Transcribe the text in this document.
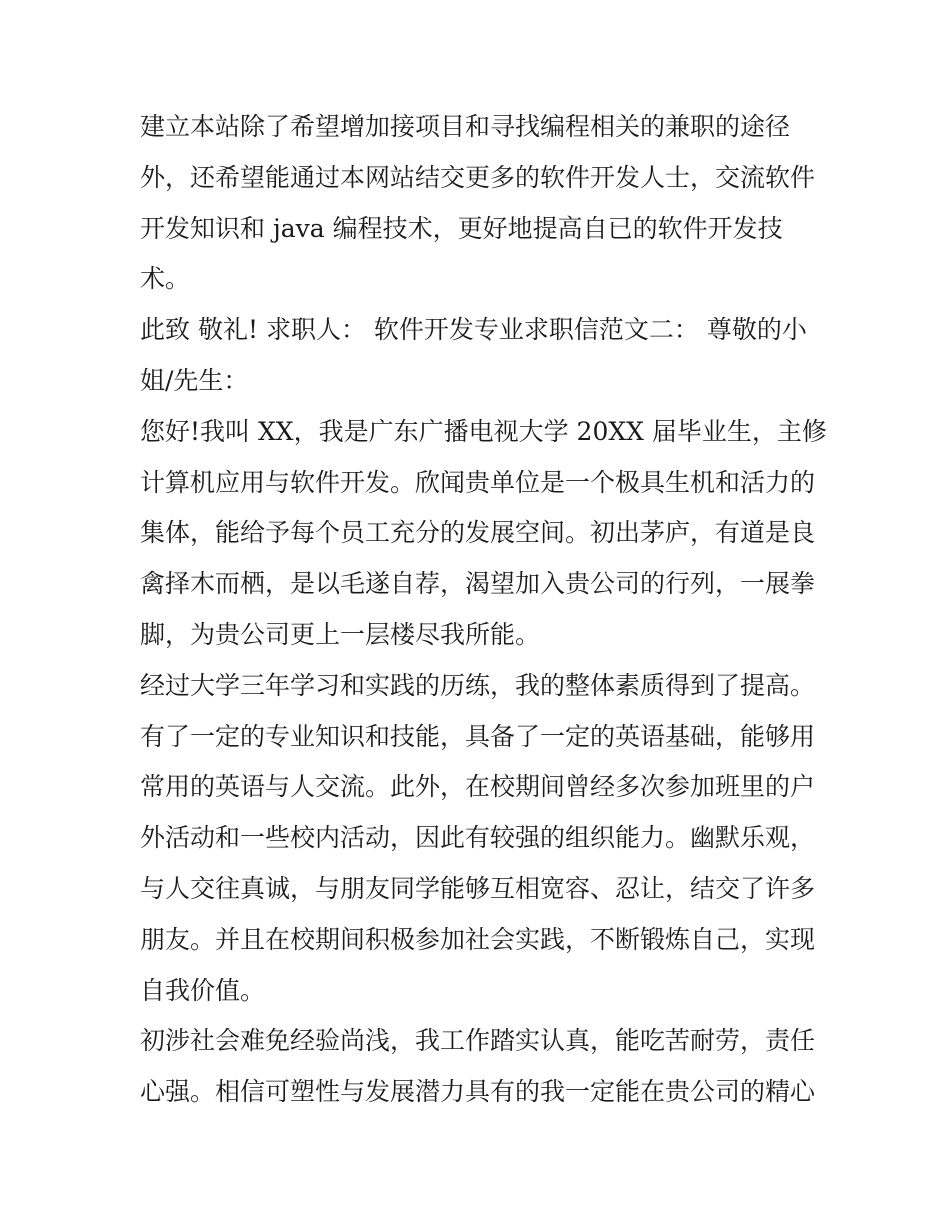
建立本站除了希望增加接项目和寻找编程相关的兼职的途径
外，还希望能通过本网站结交更多的软件开发人士，交流软件
开发知识和 java 编程技术，更好地提高自已的软件开发技
术。
此致 敬礼! 求职人： 软件开发专业求职信范文二： 尊敬的小
姐/先生：
您好!我叫 XX，我是广东广播电视大学 20XX 届毕业生，主修
计算机应用与软件开发。欣闻贵单位是一个极具生机和活力的
集体，能给予每个员工充分的发展空间。初出茅庐，有道是良
禽择木而栖，是以毛遂自荐，渴望加入贵公司的行列，一展拳
脚，为贵公司更上一层楼尽我所能。
经过大学三年学习和实践的历练，我的整体素质得到了提高。
有了一定的专业知识和技能，具备了一定的英语基础，能够用
常用的英语与人交流。此外，在校期间曾经多次参加班里的户
外活动和一些校内活动，因此有较强的组织能力。幽默乐观，
与人交往真诚，与朋友同学能够互相宽容、忍让，结交了许多
朋友。并且在校期间积极参加社会实践，不断锻炼自己，实现
自我价值。
初涉社会难免经验尚浅，我工作踏实认真，能吃苦耐劳，责任
心强。相信可塑性与发展潜力具有的我一定能在贵公司的精心
